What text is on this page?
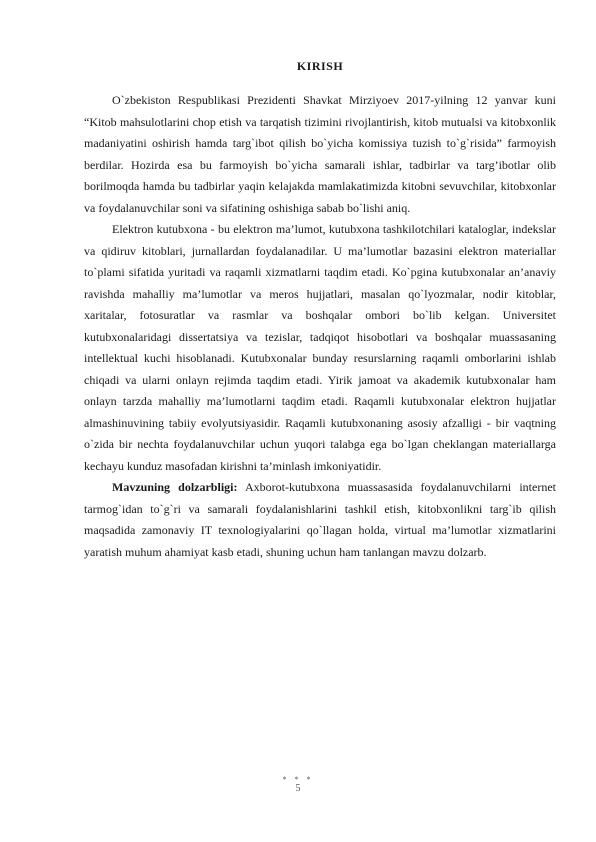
KIRISH

O`zbekiston Respublikasi Prezidenti Shavkat Mirziyoev 2017-yilning 12 yanvar kuni “Kitob mahsulotlarini chop etish va tarqatish tizimini rivojlantirish, kitob mutualsi va kitobxonlik madaniyatini oshirish hamda targ`ibot qilish bo`yicha komissiya tuzish to`g`risida” farmoyish berdilar. Hozirda esa bu farmoyish bo`yicha samarali ishlar, tadbirlar va targ’ibotlar olib borilmoqda hamda bu tadbirlar yaqin kelajakda mamlakatimizda kitobni sevuvchilar, kitobxonlar va foydalanuvchilar soni va sifatining oshishiga sabab bo`lishi aniq.

Elektron kutubxona - bu elektron ma’lumot, kutubxona tashkilotchilari kataloglar, indekslar va qidiruv kitoblari, jurnallardan foydalanadilar. U ma’lumotlar bazasini elektron materiallar to`plami sifatida yuritadi va raqamli xizmatlarni taqdim etadi. Ko`pgina kutubxonalar an’anaviy ravishda mahalliy ma’lumotlar va meros hujjatlari, masalan qo`lyozmalar, nodir kitoblar, xaritalar, fotosuratlar va rasmlar va boshqalar ombori bo`lib kelgan. Universitet kutubxonalaridagi dissertatsiya va tezislar, tadqiqot hisobotlari va boshqalar muassasaning intellektual kuchi hisoblanadi. Kutubxonalar bunday resurslarning raqamli omborlarini ishlab chiqadi va ularni onlayn rejimda taqdim etadi. Yirik jamoat va akademik kutubxonalar ham onlayn tarzda mahalliy ma’lumotlarni taqdim etadi. Raqamli kutubxonalar elektron hujjatlar almashinuvining tabiiy evolyutsiyasidir. Raqamli kutubxonaning asosiy afzalligi - bir vaqtning o`zida bir nechta foydalanuvchilar uchun yuqori talabga ega bo`lgan cheklangan materiallarga kechayu kunduz masofadan kirishni ta’minlash imkoniyatidir.

Mavzuning dolzarbligi: Axborot-kutubxona muassasasida foydalanuvchilarni internet tarmog`idan to`g`ri va samarali foydalanishlarini tashkil etish, kitobxonlikni targ`ib qilish maqsadida zamonaviy IT texnologiyalarini qo`llagan holda, virtual ma’lumotlar xizmatlarini yaratish muhum ahamiyat kasb etadi, shuning uchun ham tanlangan mavzu dolzarb.

* * *
5
